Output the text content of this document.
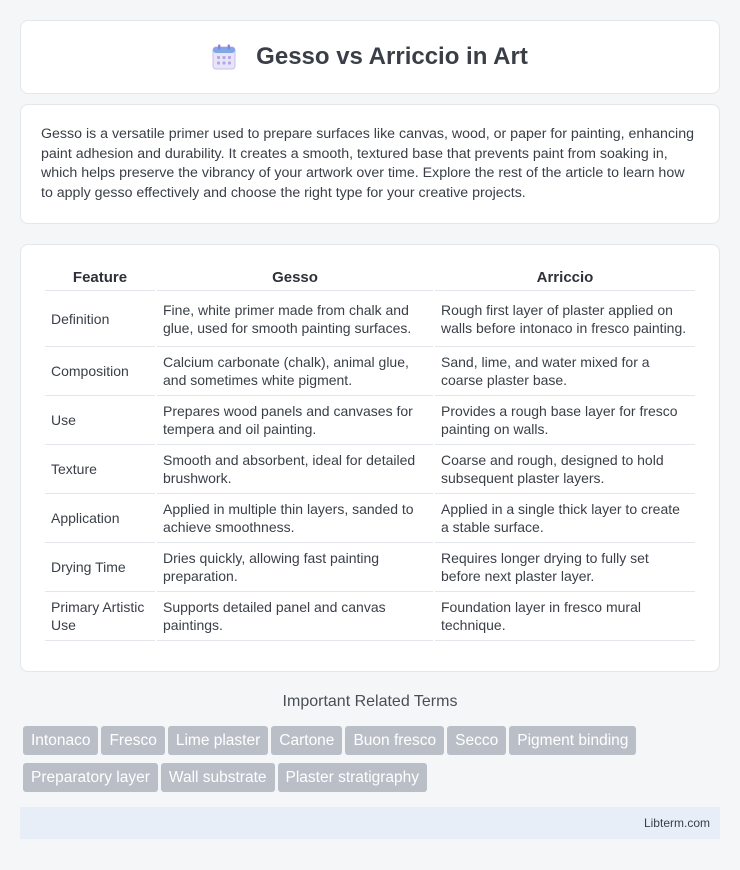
Gesso vs Arriccio in Art

Gesso is a versatile primer used to prepare surfaces like canvas, wood, or paper for painting, enhancing paint adhesion and durability. It creates a smooth, textured base that prevents paint from soaking in, which helps preserve the vibrancy of your artwork over time. Explore the rest of the article to learn how to apply gesso effectively and choose the right type for your creative projects.

Feature	Gesso	Arriccio
Definition	Fine, white primer made from chalk and glue, used for smooth painting surfaces.	Rough first layer of plaster applied on walls before intonaco in fresco painting.
Composition	Calcium carbonate (chalk), animal glue, and sometimes white pigment.	Sand, lime, and water mixed for a coarse plaster base.
Use	Prepares wood panels and canvases for tempera and oil painting.	Provides a rough base layer for fresco painting on walls.
Texture	Smooth and absorbent, ideal for detailed brushwork.	Coarse and rough, designed to hold subsequent plaster layers.
Application	Applied in multiple thin layers, sanded to achieve smoothness.	Applied in a single thick layer to create a stable surface.
Drying Time	Dries quickly, allowing fast painting preparation.	Requires longer drying to fully set before next plaster layer.
Primary Artistic Use	Supports detailed panel and canvas paintings.	Foundation layer in fresco mural technique.
Important Related Terms
Intonaco Fresco Lime plaster Cartone Buon fresco Secco Pigment binding
Preparatory layer Wall substrate Plaster stratigraphy
Libterm.com
